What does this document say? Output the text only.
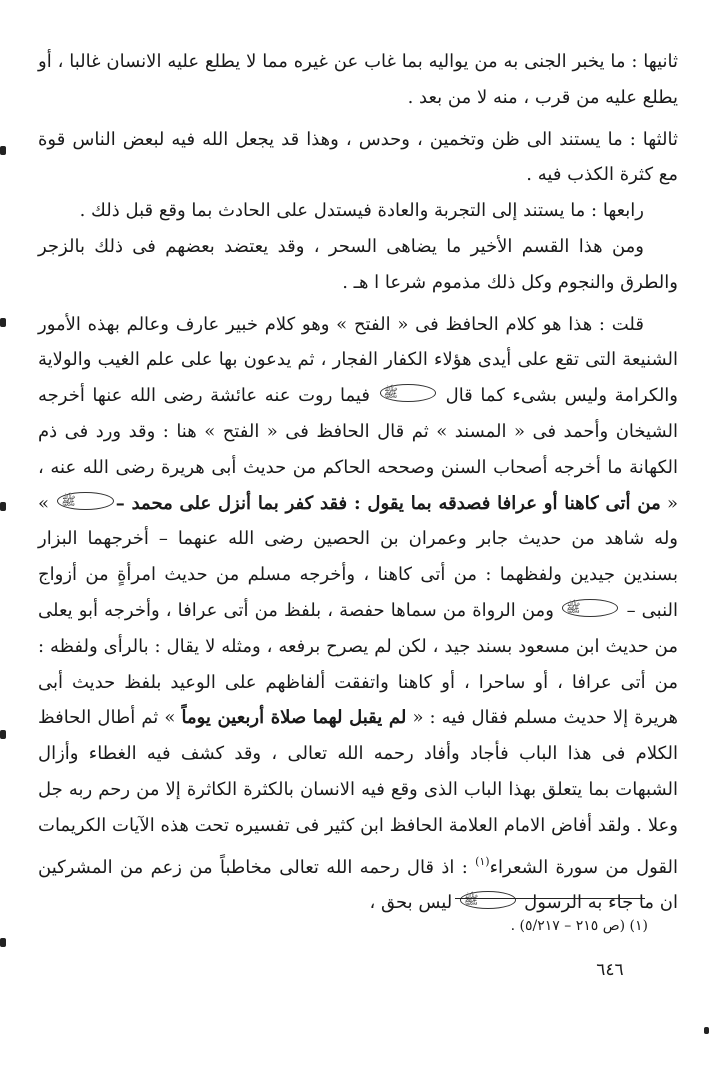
ثانيها : ما يخبر الجنى به من يواليه بما غاب عن غيره مما لا يطلع عليه الانسان غالبا ، أو يطلع عليه من قرب ، منه لا من بعد .

ثالثها : ما يستند الى ظن وتخمين ، وحدس ، وهذا قد يجعل الله فيه لبعض الناس قوة مع كثرة الكذب فيه .

رابعها : ما يستند إلى التجربة والعادة فيستدل على الحادث بما وقع قبل ذلك .

ومن هذا القسم الأخير ما يضاهى السحر ، وقد يعتضد بعضهم فى ذلك بالزجر والطرق والنجوم وكل ذلك مذموم شرعا ا هـ .

قلت : هذا هو كلام الحافظ فى « الفتح » وهو كلام خبير عارف وعالم بهذه الأمور الشنيعة التى تقع على أيدى هؤلاء الكفار الفجار ، ثم يدعون بها على علم الغيب والولاية والكرامة وليس بشىء كما قال ﷺ فيما روت عنه عائشة رضى الله عنها أخرجه الشيخان وأحمد فى « المسند » ثم قال الحافظ فى « الفتح » هنا : وقد ورد فى ذم الكهانة ما أخرجه أصحاب السنن وصححه الحاكم من حديث أبى هريرة رضى الله عنه ، « من أتى كاهنا أو عرافا فصدقه بما يقول : فقد كفر بما أنزل على محمد –ﷺ » وله شاهد من حديث جابر وعمران بن الحصين رضى الله عنهما – أخرجهما البزار بسندين جيدين ولفظهما : من أتى كاهنا ، وأخرجه مسلم من حديث امرأةٍ من أزواج النبى – ﷺ ومن الرواة من سماها حفصة ، بلفظ من أتى عرافا ، وأخرجه أبو يعلى من حديث ابن مسعود بسند جيد ، لكن لم يصرح برفعه ، ومثله لا يقال : بالرأى ولفظه : من أتى عرافا ، أو ساحرا ، أو كاهنا واتفقت ألفاظهم على الوعيد بلفظ حديث أبى هريرة إلا حديث مسلم فقال فيه : « لم يقبل لهما صلاة أربعين يوماً » ثم أطال الحافظ الكلام فى هذا الباب فأجاد وأفاد رحمه الله تعالى ، وقد كشف فيه الغطاء وأزال الشبهات بما يتعلق بهذا الباب الذى وقع فيه الانسان بالكثرة الكاثرة إلا من رحم ربه جل وعلا . ولقد أفاض الامام العلامة الحافظ ابن كثير فى تفسيره تحت هذه الآيات الكريمات القول من سورة الشعراء$^{(١)}$ : اذ قال رحمه الله تعالى مخاطباً من زعم من المشركين ان ما جاء به الرسول ﷺ ليس بحق ،

(١) (ص ٢١٥ – ٥/٢١٧) .
٦٤٦
